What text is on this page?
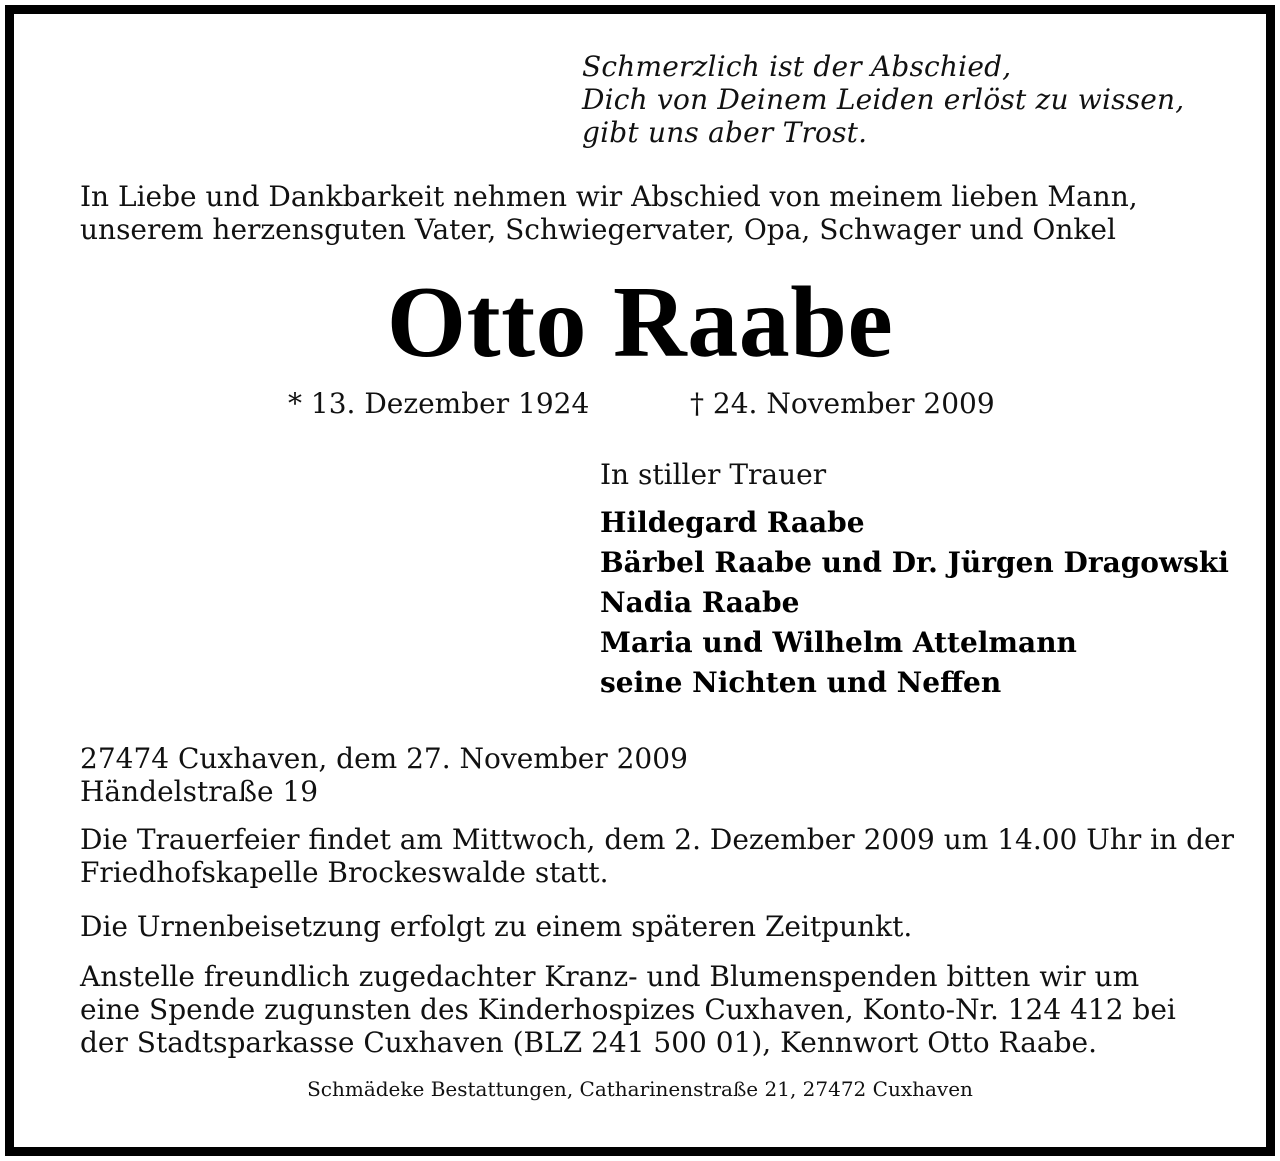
Schmerzlich ist der Abschied,
Dich von Deinem Leiden erlöst zu wissen,
gibt uns aber Trost.
In Liebe und Dankbarkeit nehmen wir Abschied von meinem lieben Mann,
unserem herzensguten Vater, Schwiegervater, Opa, Schwager und Onkel
Otto Raabe
* 13. Dezember 1924	† 24. November 2009
In stiller Trauer
Hildegard Raabe
Bärbel Raabe und Dr. Jürgen Dragowski
Nadia Raabe
Maria und Wilhelm Attelmann
seine Nichten und Neffen
27474 Cuxhaven, dem 27. November 2009
Händelstraße 19
Die Trauerfeier findet am Mittwoch, dem 2. Dezember 2009 um 14.00 Uhr in der
Friedhofskapelle Brockeswalde statt.
Die Urnenbeisetzung erfolgt zu einem späteren Zeitpunkt.
Anstelle freundlich zugedachter Kranz- und Blumenspenden bitten wir um
eine Spende zugunsten des Kinderhospizes Cuxhaven, Konto-Nr. 124 412 bei
der Stadtsparkasse Cuxhaven (BLZ 241 500 01), Kennwort Otto Raabe.
Schmädeke Bestattungen, Catharinenstraße 21, 27472 Cuxhaven
